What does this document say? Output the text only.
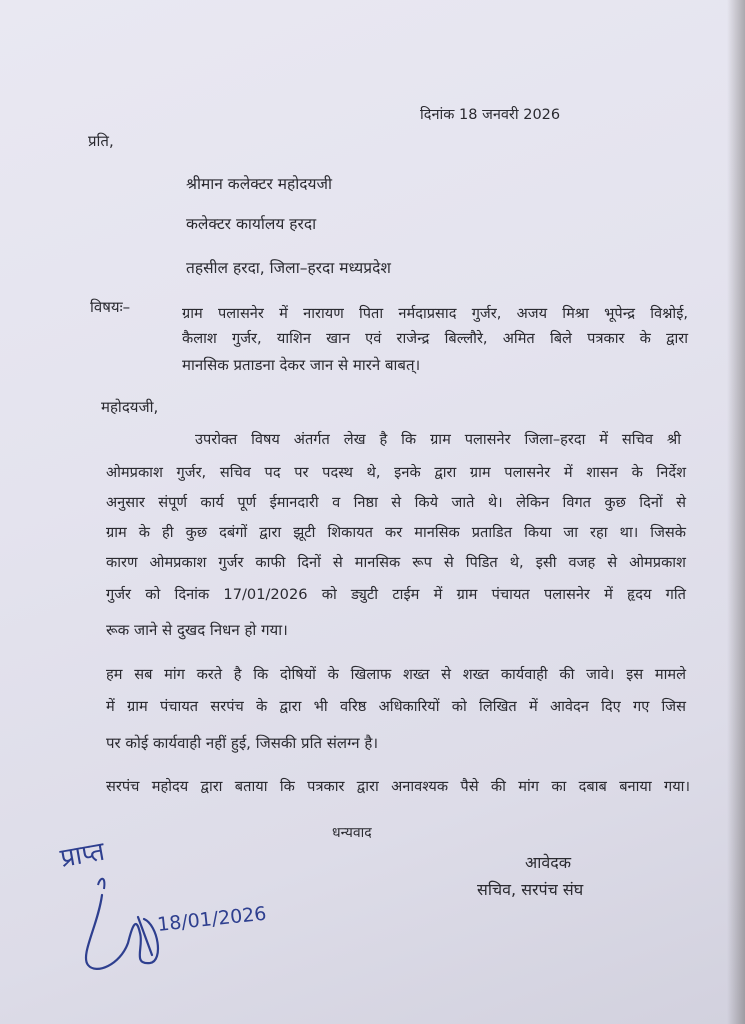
दिनांक 18 जनवरी 2026
प्रति,
श्रीमान कलेक्टर महोदयजी
कलेक्टर कार्यालय हरदा
तहसील हरदा, जिला–हरदा मध्यप्रदेश
विषयः–	ग्राम पलासनेर में नारायण पिता नर्मदाप्रसाद गुर्जर, अजय मिश्रा भूपेन्द्र विश्नोई,
कैलाश गुर्जर, याशिन खान एवं राजेन्द्र बिल्लौरे, अमित बिले पत्रकार के द्वारा
मानसिक प्रताडना देकर जान से मारने बाबत्।
महोदयजी,
उपरोक्त विषय अंतर्गत लेख है कि ग्राम पलासनेर जिला–हरदा में सचिव श्री
ओमप्रकाश गुर्जर, सचिव पद पर पदस्थ थे, इनके द्वारा ग्राम पलासनेर में शासन के निर्देश
अनुसार संपूर्ण कार्य पूर्ण ईमानदारी व निष्ठा से किये जाते थे। लेकिन विगत कुछ दिनों से
ग्राम के ही कुछ दबंगों द्वारा झूटी शिकायत कर मानसिक प्रताडित किया जा रहा था। जिसके
कारण ओमप्रकाश गुर्जर काफी दिनों से मानसिक रूप से पिडित थे, इसी वजह से ओमप्रकाश
गुर्जर को दिनांक 17/01/2026 को ड्युटी टाईम में ग्राम पंचायत पलासनेर में हृदय गति
रूक जाने से दुखद निधन हो गया।
हम सब मांग करते है कि दोषियों के खिलाफ शख्त से शख्त कार्यवाही की जावे। इस मामले
में ग्राम पंचायत सरपंच के द्वारा भी वरिष्ठ अधिकारियों को लिखित में आवेदन दिए गए जिस
पर कोई कार्यवाही नहीं हुई, जिसकी प्रति संलग्न है।
सरपंच महोदय द्वारा बताया कि पत्रकार द्वारा अनावश्यक पैसे की मांग का दबाब बनाया गया।
धन्यवाद
आवेदक
सचिव, सरपंच संघ
प्राप्त
18/01/2026
